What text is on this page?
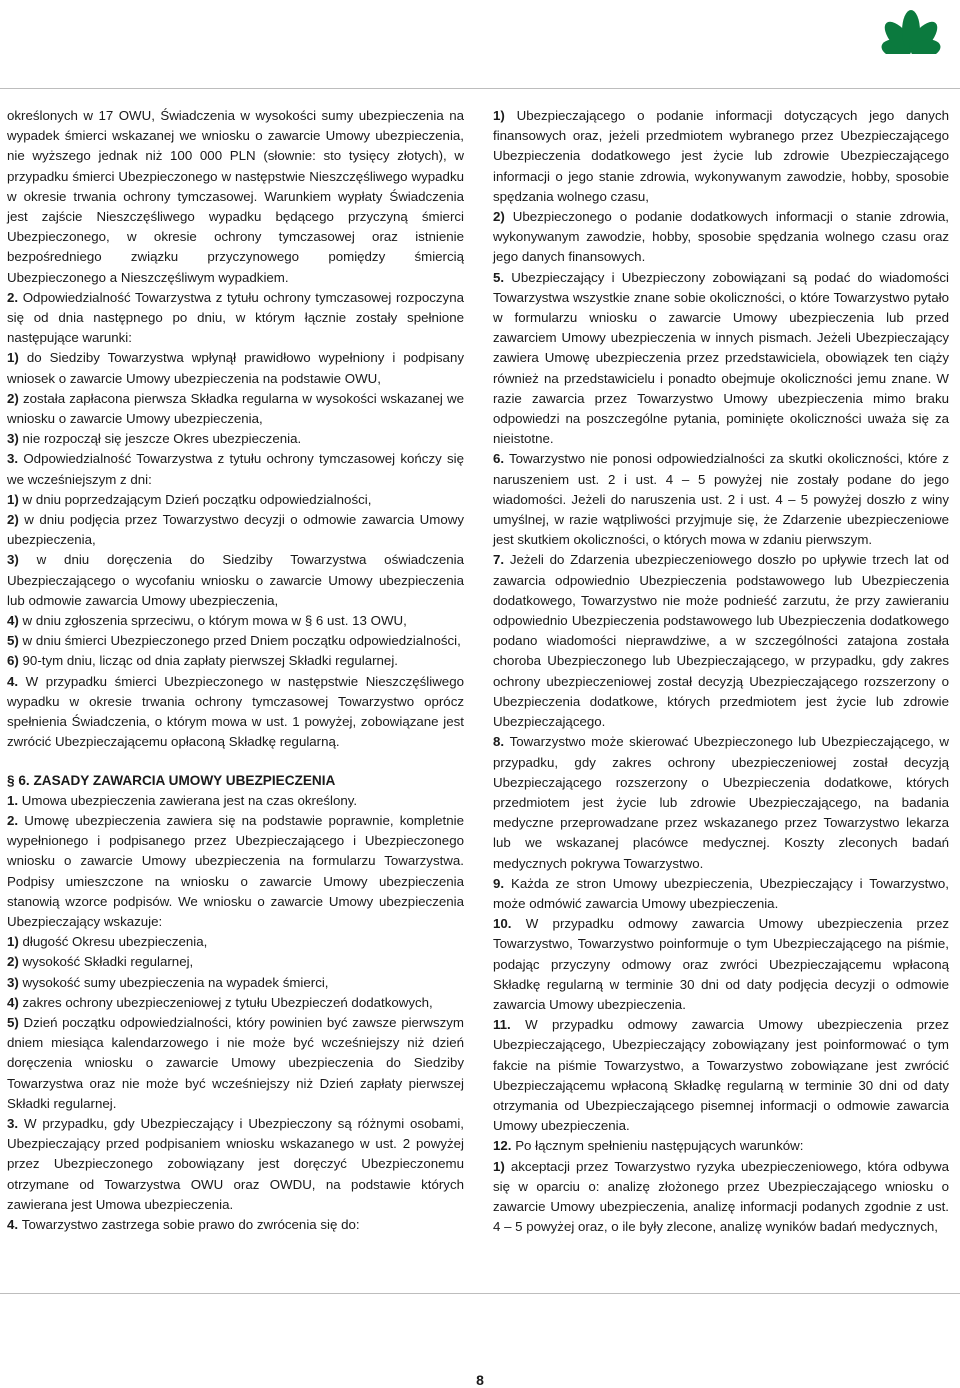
określonych w 17 OWU, Świadczenia w wysokości sumy ubezpieczenia na wypadek śmierci wskazanej we wniosku o zawarcie Umowy ubezpieczenia, nie wyższego jednak niż 100 000 PLN (słownie: sto tysięcy złotych), w przypadku śmierci Ubezpieczonego w następstwie Nieszczęśliwego wypadku w okresie trwania ochrony tymczasowej. Warunkiem wypłaty Świadczenia jest zajście Nieszczęśliwego wypadku będącego przyczyną śmierci Ubezpieczonego, w okresie ochrony tymczasowej oraz istnienie bezpośredniego związku przyczynowego pomiędzy śmiercią Ubezpieczonego a Nieszczęśliwym wypadkiem.

2. Odpowiedzialność Towarzystwa z tytułu ochrony tymczasowej rozpoczyna się od dnia następnego po dniu, w którym łącznie zostały spełnione następujące warunki:

1) do Siedziby Towarzystwa wpłynął prawidłowo wypełniony i podpisany wniosek o zawarcie Umowy ubezpieczenia na podstawie OWU,

2) została zapłacona pierwsza Składka regularna w wysokości wskazanej we wniosku o zawarcie Umowy ubezpieczenia,

3) nie rozpoczął się jeszcze Okres ubezpieczenia.

3. Odpowiedzialność Towarzystwa z tytułu ochrony tymczasowej kończy się we wcześniejszym z dni:

1) w dniu poprzedzającym Dzień początku odpowiedzialności,

2) w dniu podjęcia przez Towarzystwo decyzji o odmowie zawarcia Umowy ubezpieczenia,

3) w dniu doręczenia do Siedziby Towarzystwa oświadczenia Ubezpieczającego o wycofaniu wniosku o zawarcie Umowy ubezpieczenia lub odmowie zawarcia Umowy ubezpieczenia,

4) w dniu zgłoszenia sprzeciwu, o którym mowa w § 6 ust. 13 OWU,

5) w dniu śmierci Ubezpieczonego przed Dniem początku odpowiedzialności,

6) 90-tym dniu, licząc od dnia zapłaty pierwszej Składki regularnej.

4. W przypadku śmierci Ubezpieczonego w następstwie Nieszczęśliwego wypadku w okresie trwania ochrony tymczasowej Towarzystwo oprócz spełnienia Świadczenia, o którym mowa w ust. 1 powyżej, zobowiązane jest zwrócić Ubezpieczającemu opłaconą Składkę regularną.

§ 6. ZASADY ZAWARCIA UMOWY UBEZPIECZENIA

1. Umowa ubezpieczenia zawierana jest na czas określony.

2. Umowę ubezpieczenia zawiera się na podstawie poprawnie, kompletnie wypełnionego i podpisanego przez Ubezpieczającego i Ubezpieczonego wniosku o zawarcie Umowy ubezpieczenia na formularzu Towarzystwa. Podpisy umieszczone na wniosku o zawarcie Umowy ubezpieczenia stanowią wzorce podpisów. We wniosku o zawarcie Umowy ubezpieczenia Ubezpieczający wskazuje:

1) długość Okresu ubezpieczenia,

2) wysokość Składki regularnej,

3) wysokość sumy ubezpieczenia na wypadek śmierci,

4) zakres ochrony ubezpieczeniowej z tytułu Ubezpieczeń dodatkowych,

5) Dzień początku odpowiedzialności, który powinien być zawsze pierwszym dniem miesiąca kalendarzowego i nie może być wcześniejszy niż dzień doręczenia wniosku o zawarcie Umowy ubezpieczenia do Siedziby Towarzystwa oraz nie może być wcześniejszy niż Dzień zapłaty pierwszej Składki regularnej.

3. W przypadku, gdy Ubezpieczający i Ubezpieczony są różnymi osobami, Ubezpieczający przed podpisaniem wniosku wskazanego w ust. 2 powyżej przez Ubezpieczonego zobowiązany jest doręczyć Ubezpieczonemu otrzymane od Towarzystwa OWU oraz OWDU, na podstawie których zawierana jest Umowa ubezpieczenia.

4. Towarzystwo zastrzega sobie prawo do zwrócenia się do:

1) Ubezpieczającego o podanie informacji dotyczących jego danych finansowych oraz, jeżeli przedmiotem wybranego przez Ubezpieczającego Ubezpieczenia dodatkowego jest życie lub zdrowie Ubezpieczającego informacji o jego stanie zdrowia, wykonywanym zawodzie, hobby, sposobie spędzania wolnego czasu,

2) Ubezpieczonego o podanie dodatkowych informacji o stanie zdrowia, wykonywanym zawodzie, hobby, sposobie spędzania wolnego czasu oraz jego danych finansowych.

5. Ubezpieczający i Ubezpieczony zobowiązani są podać do wiadomości Towarzystwa wszystkie znane sobie okoliczności, o które Towarzystwo pytało w formularzu wniosku o zawarcie Umowy ubezpieczenia lub przed zawarciem Umowy ubezpieczenia w innych pismach. Jeżeli Ubezpieczający zawiera Umowę ubezpieczenia przez przedstawiciela, obowiązek ten ciąży również na przedstawicielu i ponadto obejmuje okoliczności jemu znane. W razie zawarcia przez Towarzystwo Umowy ubezpieczenia mimo braku odpowiedzi na poszczególne pytania, pominięte okoliczności uważa się za nieistotne.

6. Towarzystwo nie ponosi odpowiedzialności za skutki okoliczności, które z naruszeniem ust. 2 i ust. 4 – 5 powyżej nie zostały podane do jego wiadomości. Jeżeli do naruszenia ust. 2 i ust. 4 – 5 powyżej doszło z winy umyślnej, w razie wątpliwości przyjmuje się, że Zdarzenie ubezpieczeniowe jest skutkiem okoliczności, o których mowa w zdaniu pierwszym.

7. Jeżeli do Zdarzenia ubezpieczeniowego doszło po upływie trzech lat od zawarcia odpowiednio Ubezpieczenia podstawowego lub Ubezpieczenia dodatkowego, Towarzystwo nie może podnieść zarzutu, że przy zawieraniu odpowiednio Ubezpieczenia podstawowego lub Ubezpieczenia dodatkowego podano wiadomości nieprawdziwe, a w szczególności zatajona została choroba Ubezpieczonego lub Ubezpieczającego, w przypadku, gdy zakres ochrony ubezpieczeniowej został decyzją Ubezpieczającego rozszerzony o Ubezpieczenia dodatkowe, których przedmiotem jest życie lub zdrowie Ubezpieczającego.

8. Towarzystwo może skierować Ubezpieczonego lub Ubezpieczającego, w przypadku, gdy zakres ochrony ubezpieczeniowej został decyzją Ubezpieczającego rozszerzony o Ubezpieczenia dodatkowe, których przedmiotem jest życie lub zdrowie Ubezpieczającego, na badania medyczne przeprowadzane przez wskazanego przez Towarzystwo lekarza lub we wskazanej placówce medycznej. Koszty zleconych badań medycznych pokrywa Towarzystwo.

9. Każda ze stron Umowy ubezpieczenia, Ubezpieczający i Towarzystwo, może odmówić zawarcia Umowy ubezpieczenia.

10. W przypadku odmowy zawarcia Umowy ubezpieczenia przez Towarzystwo, Towarzystwo poinformuje o tym Ubezpieczającego na piśmie, podając przyczyny odmowy oraz zwróci Ubezpieczającemu wpłaconą Składkę regularną w terminie 30 dni od daty podjęcia decyzji o odmowie zawarcia Umowy ubezpieczenia.

11. W przypadku odmowy zawarcia Umowy ubezpieczenia przez Ubezpieczającego, Ubezpieczający zobowiązany jest poinformować o tym fakcie na piśmie Towarzystwo, a Towarzystwo zobowiązane jest zwrócić Ubezpieczającemu wpłaconą Składkę regularną w terminie 30 dni od daty otrzymania od Ubezpieczającego pisemnej informacji o odmowie zawarcia Umowy ubezpieczenia.

12. Po łącznym spełnieniu następujących warunków:

1) akceptacji przez Towarzystwo ryzyka ubezpieczeniowego, która odbywa się w oparciu o: analizę złożonego przez Ubezpieczającego wniosku o zawarcie Umowy ubezpieczenia, analizę informacji podanych zgodnie z ust. 4 – 5 powyżej oraz, o ile były zlecone, analizę wyników badań medycznych,

8
